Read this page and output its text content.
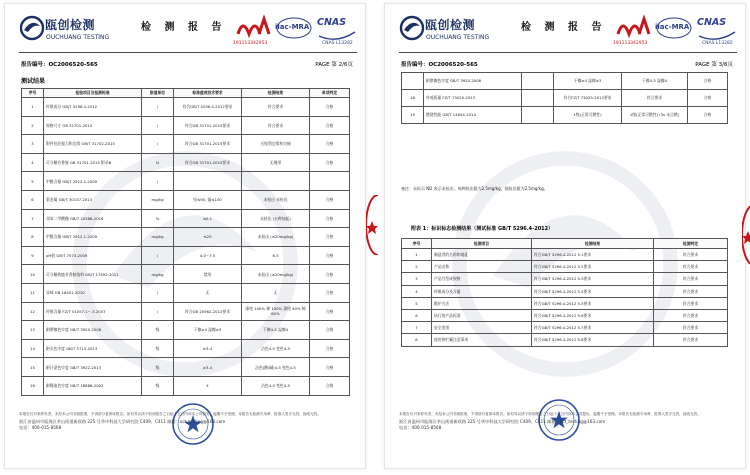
瓯创检测
OUCHUANG TESTING
检 测 报 告
191113342953
ilac-MRA CNAS
CNAS L13282
报告编号：OC2006520-565	PAGE 第 2/6页
测试结果
序号	检验项目及检测标准	限值单位	标准值或技术要求	检测结果	单项判定
1	纤维成分 GB/T 5296.4-2012	/	符合GB/T 5296.4-2012要求	符合要求	合格
2	规格尺寸 GB 31701-2015	/	符合GB 31701-2015要求	符合要求	合格
3	附件抗拉强力和边缘 GB/T 31702-2015	/	符合GB 31701-2015要求	无锐利边缘和尖端	合格
4	可分解芳香胺 GB 31701-2015 附录B	N	符合GB 31701-2015要求	无绳带	合格
5	甲醛含量 GB/T 2912.1-2009	/			
6	重金属 GB/T 30157-2013	mg/kg	铅≤90, 镉≤100	未检出 未检出	合格
7	邻苯二甲酸酯 GB/T 20388-2016	%	≤0.1	未检出 (五种加起)	合格
8	甲醛含量 GB/T 2912.1-2009	mg/kg	≤20	未检出 (≤20mg/kg)	合格
9	pH值 GB/T 7573-2009	/	4.0~7.5	6.3	合格
10	可分解致癌芳香胺染料 GB/T 17592-2011	mg/kg	禁用	未检出 (≤20mg/kg)	合格
11	异味 GB 18401-2010	/	无	无	合格
12	纤维含量 FZ/T 01057.1~.3-2007	/	符合GB 20962-2012要求	涤纶 100% 棉 100% 涤纶 40% 棉 60%	合格
13	耐摩擦色牢度 GB/T 3920-2008	级	干擦≥4 湿擦≥3	干擦4-5 湿擦4	合格
14	耐水色牢度 GB/T 5713-2013	级	≥3-4	沾色4-5 变色4-5	合格
15	耐汗渍色牢度 GB/T 3922-2013	级	≥3-4	沾色(酸/碱)4-5 变色4-5	合格
16	耐唾液色牢度 GB/T 18886-2002	级	4	沾色4-5 变色4-5	合格
本报告仅对来样负责，未经本公司书面批准，不得部分复制本报告。如有异议请于收到报告之日起十五日内向本公司提出，逾期不予受理。本报告无检测专用章、批准人签字无效，涂改无效。
浙江省温州市瓯海区茶山街道新欣路 225 号华中科技大学研究院 C409、C411 邮箱：oct_testing@163.com
电话：400-015-8568
瓯创检测
OUCHUANG TESTING
检 测 报 告
191113342953
ilac-MRA CNAS
CNAS L13282
报告编号：OC2006520-565	PAGE 第 3/6页
	耐摩擦色牢度 GB/T 3920-2008		干擦≥4 湿擦≥3	干擦4-5 湿擦4	合格
18	外观质量 FZ/T 73025-2013		符合FZ/T 73025-2013要求	符合要求	合格
19	燃烧性能 GB/T 14644-2014		1级(正常可燃性)	1级(正常可燃性) (3s 未点燃)	合格
备注：未标示 ND 表示未检出，每种检出限为2.5mg/kg，镉检出限为2.5mg/kg。
附表 1：标识标志检测结果（测试标准 GB/T 5296.4-2012）
序号	检测项目	检测结果	检测判定
1	制造者的名称和地址	符合GB/T 5296.4-2012 5.1要求	符合要求
2	产品名称	符合GB/T 5296.4-2012 5.2要求	符合要求
3	产品号型或规格	符合GB/T 5296.4-2012 5.3要求	符合要求
4	纤维成分及含量	符合GB/T 5296.4-2012 5.4要求	符合要求
5	维护方法	符合GB/T 5296.4-2012 5.5要求	符合要求
6	执行的产品标准	符合GB/T 5296.4-2012 5.6要求	符合要求
7	安全类别	符合GB/T 5296.4-2012 5.7要求	符合要求
8	使用和贮藏注意事项	符合GB/T 5296.4-2012 5.8要求	符合要求
本报告仅对来样负责，未经本公司书面批准，不得部分复制本报告。如有异议请于收到报告之日起十五日内向本公司提出，逾期不予受理。本报告无检测专用章、批准人签字无效，涂改无效。
浙江省温州市瓯海区茶山街道新欣路 225 号华中科技大学研究院 C409、C411 邮箱：oct_testing@163.com
电话：400-015-8568
